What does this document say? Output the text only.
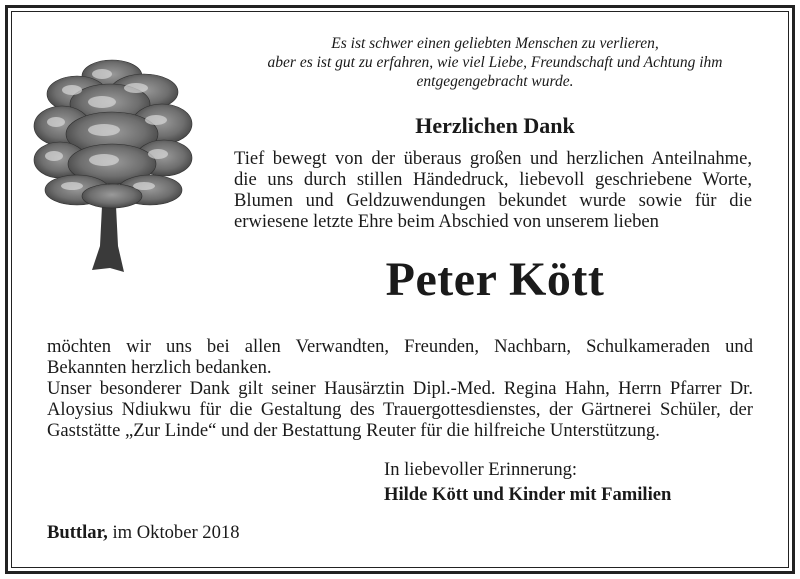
Es ist schwer einen geliebten Menschen zu verlieren,
aber es ist gut zu erfahren, wie viel Liebe, Freundschaft und Achtung ihm
entgegengebracht wurde.
Herzlichen Dank
Tief bewegt von der überaus großen und herzlichen Anteilnahme,
die uns durch stillen Händedruck, liebevoll geschriebene Worte,
Blumen und Geldzuwendungen bekundet wurde sowie für die
erwiesene letzte Ehre beim Abschied von unserem lieben
Peter Kött
möchten wir uns bei allen Verwandten, Freunden, Nachbarn, Schulkameraden und
Bekannten herzlich bedanken.
Unser besonderer Dank gilt seiner Hausärztin Dipl.-Med. Regina Hahn, Herrn Pfarrer Dr.
Aloysius Ndiukwu für die Gestaltung des Trauergottesdienstes, der Gärtnerei Schüler, der
Gaststätte „Zur Linde“ und der Bestattung Reuter für die hilfreiche Unterstützung.
In liebevoller Erinnerung:
Hilde Kött und Kinder mit Familien
Buttlar, im Oktober 2018
